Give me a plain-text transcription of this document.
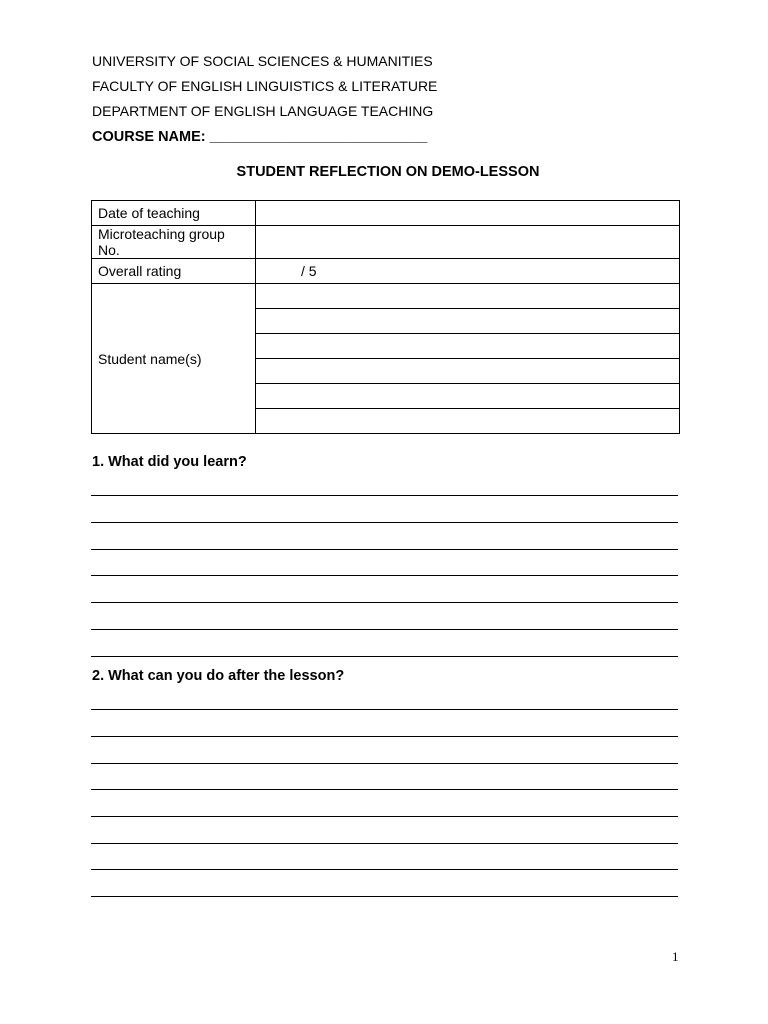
UNIVERSITY OF SOCIAL SCIENCES & HUMANITIES
FACULTY OF ENGLISH LINGUISTICS & LITERATURE
DEPARTMENT OF ENGLISH LANGUAGE TEACHING
COURSE NAME: ___________________________
STUDENT REFLECTION ON DEMO-LESSON
Date of teaching	
Microteaching group No.	
Overall rating	/ 5
Student name(s)	

1. What did you learn?
2. What can you do after the lesson?
1
